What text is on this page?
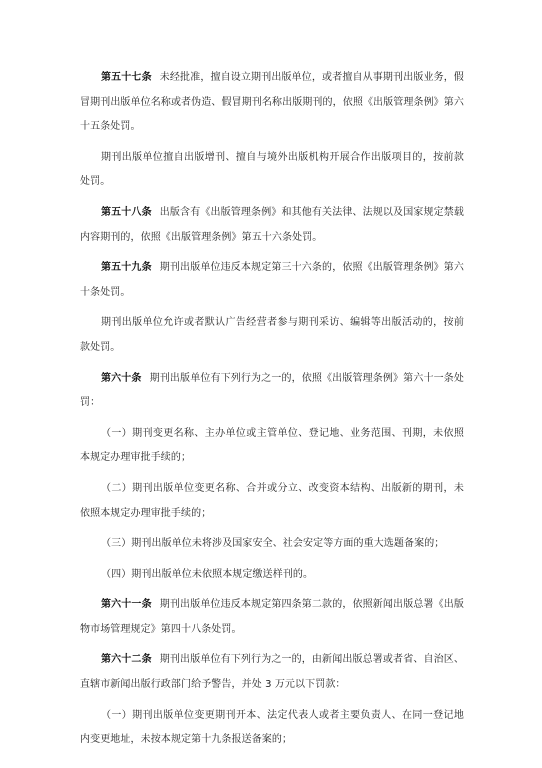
第五十七条 未经批准，擅自设立期刊出版单位，或者擅自从事期刊出版业务，假冒期刊出版单位名称或者伪造、假冒期刊名称出版期刊的，依照《出版管理条例》第六十五条处罚。

期刊出版单位擅自出版增刊、擅自与境外出版机构开展合作出版项目的，按前款处罚。

第五十八条 出版含有《出版管理条例》和其他有关法律、法规以及国家规定禁载内容期刊的，依照《出版管理条例》第五十六条处罚。

第五十九条 期刊出版单位违反本规定第三十六条的，依照《出版管理条例》第六十条处罚。

期刊出版单位允许或者默认广告经营者参与期刊采访、编辑等出版活动的，按前款处罚。

第六十条 期刊出版单位有下列行为之一的，依照《出版管理条例》第六十一条处罚：

（一）期刊变更名称、主办单位或主管单位、登记地、业务范围、刊期，未依照本规定办理审批手续的；

（二）期刊出版单位变更名称、合并或分立、改变资本结构、出版新的期刊，未依照本规定办理审批手续的；

（三）期刊出版单位未将涉及国家安全、社会安定等方面的重大选题备案的；

（四）期刊出版单位未依照本规定缴送样刊的。

第六十一条 期刊出版单位违反本规定第四条第二款的，依照新闻出版总署《出版物市场管理规定》第四十八条处罚。

第六十二条 期刊出版单位有下列行为之一的，由新闻出版总署或者省、自治区、直辖市新闻出版行政部门给予警告，并处 3 万元以下罚款：

（一）期刊出版单位变更期刊开本、法定代表人或者主要负责人、在同一登记地内变更地址，未按本规定第十九条报送备案的；
